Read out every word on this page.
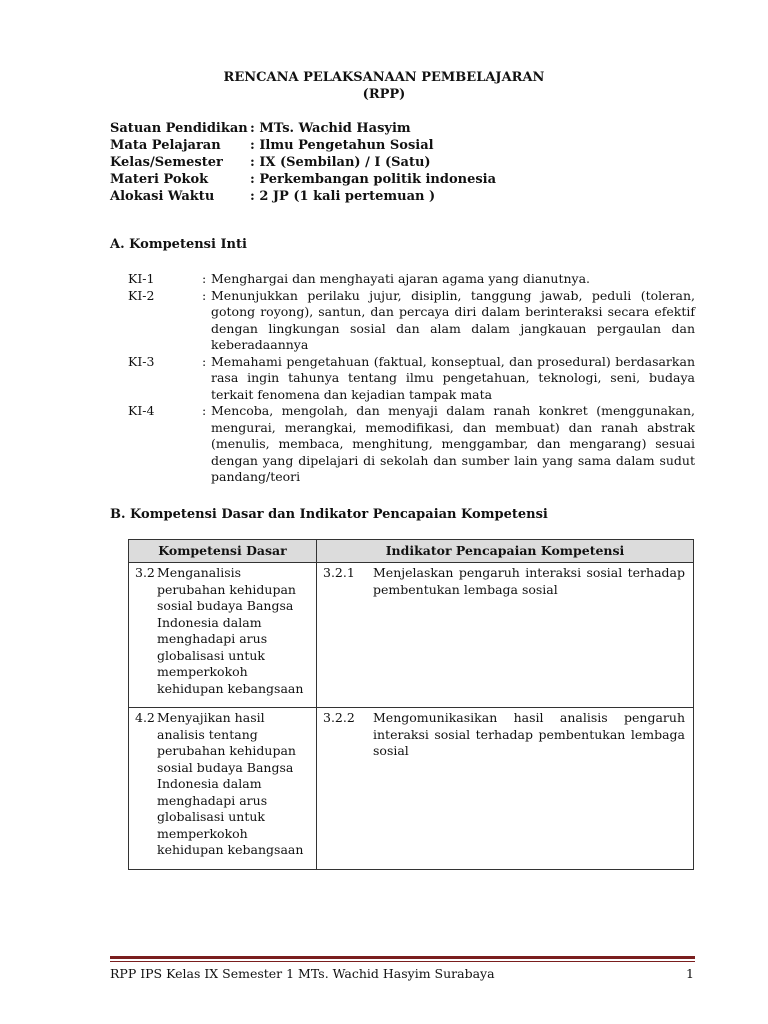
RENCANA PELAKSANAAN PEMBELAJARAN
(RPP)
Satuan Pendidikan : MTs. Wachid Hasyim
Mata Pelajaran : Ilmu Pengetahun Sosial
Kelas/Semester : IX (Sembilan) / I (Satu)
Materi Pokok	: Perkembangan politik indonesia
Alokasi Waktu	: 2 JP (1 kali pertemuan )
A. Kompetensi Inti
KI-1	: Menghargai dan menghayati ajaran agama yang dianutnya.
KI-2	: Menunjukkan perilaku jujur, disiplin, tanggung jawab, peduli (toleran, gotong royong), santun, dan percaya diri dalam berinteraksi secara efektif dengan lingkungan sosial dan alam dalam jangkauan pergaulan dan keberadaannya
KI-3	: Memahami pengetahuan (faktual, konseptual, dan prosedural) berdasarkan rasa ingin tahunya tentang ilmu pengetahuan, teknologi, seni, budaya terkait fenomena dan kejadian tampak mata
KI-4	: Mencoba, mengolah, dan menyaji dalam ranah konkret (menggunakan, mengurai, merangkai, memodifikasi, dan membuat) dan ranah abstrak (menulis, membaca, menghitung, menggambar, dan mengarang) sesuai dengan yang dipelajari di sekolah dan sumber lain yang sama dalam sudut pandang/teori
B. Kompetensi Dasar dan Indikator Pencapaian Kompetensi
Kompetensi Dasar	Indikator Pencapaian Kompetensi

3.2 Menganalisis perubahan kehidupan sosial budaya Bangsa Indonesia dalam menghadapi arus globalisasi untuk memperkokoh kehidupan kebangsaan	3.2.1 Menjelaskan pengaruh interaksi sosial terhadap pembentukan lembaga sosial

4.2 Menyajikan hasil analisis tentang perubahan kehidupan sosial budaya Bangsa Indonesia dalam menghadapi arus globalisasi untuk memperkokoh kehidupan kebangsaan	3.2.2 Mengomunikasikan hasil analisis pengaruh interaksi sosial terhadap pembentukan lembaga sosial
RPP IPS Kelas IX Semester 1 MTs. Wachid Hasyim Surabaya	1
